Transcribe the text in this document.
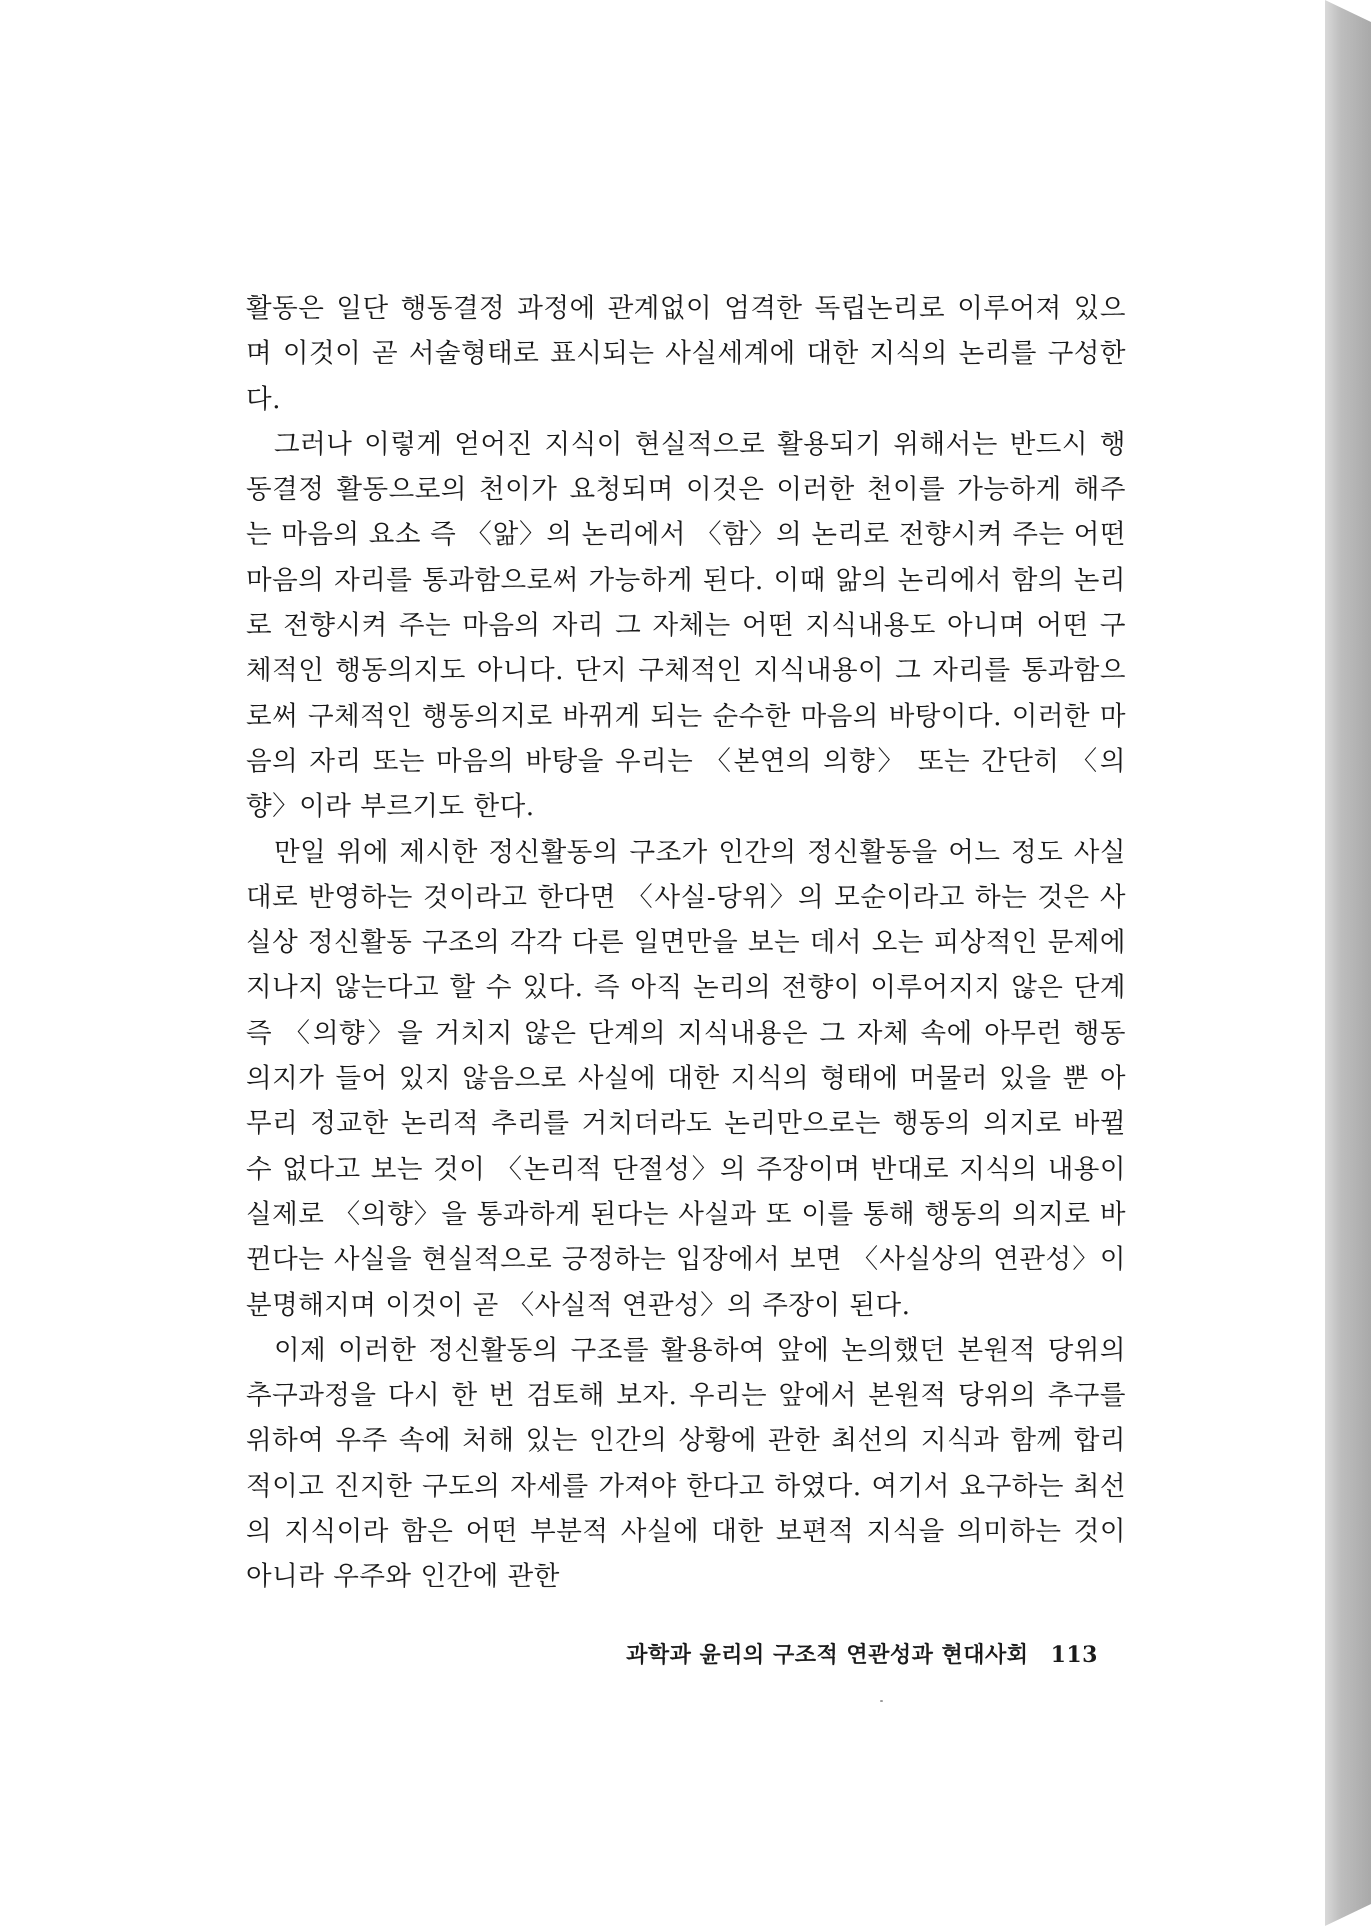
활동은 일단 행동결정 과정에 관계없이 엄격한 독립논리로 이루어져 있으며 이것이 곧 서술형태로 표시되는 사실세계에 대한 지식의 논리를 구성한다.

그러나 이렇게 얻어진 지식이 현실적으로 활용되기 위해서는 반드시 행동결정 활동으로의 천이가 요청되며 이것은 이러한 천이를 가능하게 해주는 마음의 요소 즉 〈앎〉의 논리에서 〈함〉의 논리로 전향시켜 주는 어떤 마음의 자리를 통과함으로써 가능하게 된다. 이때 앎의 논리에서 함의 논리로 전향시켜 주는 마음의 자리 그 자체는 어떤 지식내용도 아니며 어떤 구체적인 행동의지도 아니다. 단지 구체적인 지식내용이 그 자리를 통과함으로써 구체적인 행동의지로 바뀌게 되는 순수한 마음의 바탕이다. 이러한 마음의 자리 또는 마음의 바탕을 우리는 〈본연의 의향〉 또는 간단히 〈의향〉이라 부르기도 한다.

만일 위에 제시한 정신활동의 구조가 인간의 정신활동을 어느 정도 사실대로 반영하는 것이라고 한다면 〈사실-당위〉의 모순이라고 하는 것은 사실상 정신활동 구조의 각각 다른 일면만을 보는 데서 오는 피상적인 문제에 지나지 않는다고 할 수 있다. 즉 아직 논리의 전향이 이루어지지 않은 단계 즉 〈의향〉을 거치지 않은 단계의 지식내용은 그 자체 속에 아무런 행동 의지가 들어 있지 않음으로 사실에 대한 지식의 형태에 머물러 있을 뿐 아무리 정교한 논리적 추리를 거치더라도 논리만으로는 행동의 의지로 바뀔 수 없다고 보는 것이 〈논리적 단절성〉의 주장이며 반대로 지식의 내용이 실제로 〈의향〉을 통과하게 된다는 사실과 또 이를 통해 행동의 의지로 바뀐다는 사실을 현실적으로 긍정하는 입장에서 보면 〈사실상의 연관성〉이 분명해지며 이것이 곧 〈사실적 연관성〉의 주장이 된다.

이제 이러한 정신활동의 구조를 활용하여 앞에 논의했던 본원적 당위의 추구과정을 다시 한 번 검토해 보자. 우리는 앞에서 본원적 당위의 추구를 위하여 우주 속에 처해 있는 인간의 상황에 관한 최선의 지식과 함께 합리적이고 진지한 구도의 자세를 가져야 한다고 하였다. 여기서 요구하는 최선의 지식이라 함은 어떤 부분적 사실에 대한 보편적 지식을 의미하는 것이 아니라 우주와 인간에 관한

과학과 윤리의 구조적 연관성과 현대사회 113
